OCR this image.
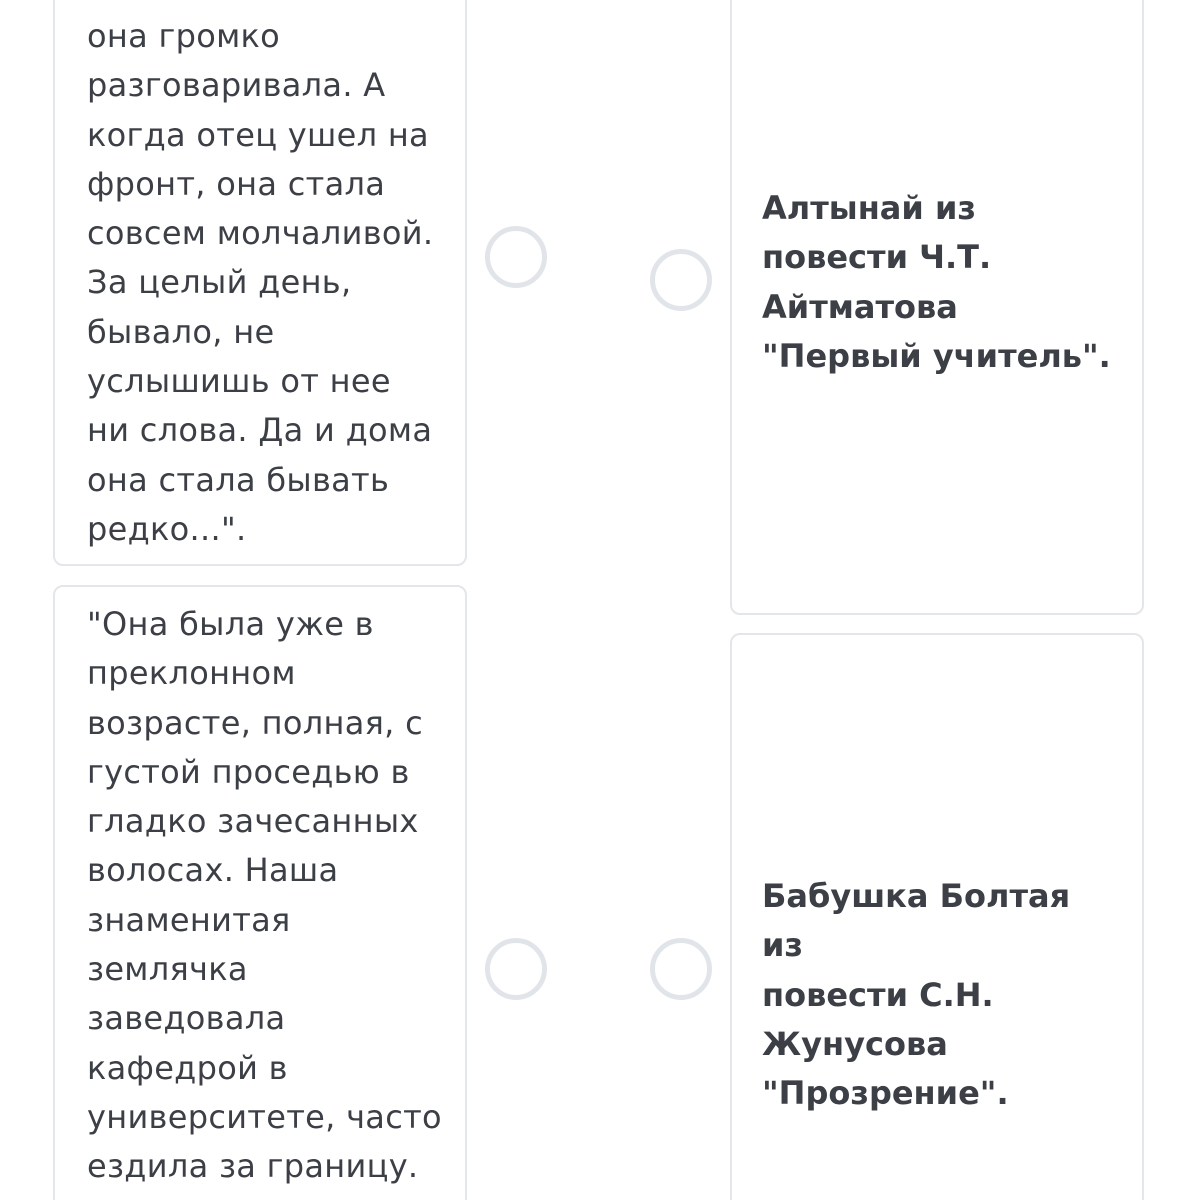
она громко
разговаривала. А
когда отец ушел на
фронт, она стала
совсем молчаливой.
За целый день,
бывало, не
услышишь от нее
ни слова. Да и дома
она стала бывать
редко...".
"Она была уже в
преклонном
возрасте, полная, с
густой проседью в
гладко зачесанных
волосах. Наша
знаменитая
землячка
заведовала
кафедрой в
университете, часто
ездила за границу.
Алтынай из
повести Ч.Т.
Айтматова
"Первый учитель".
Бабушка Болтая из
повести С.Н.
Жунусова
"Прозрение".
